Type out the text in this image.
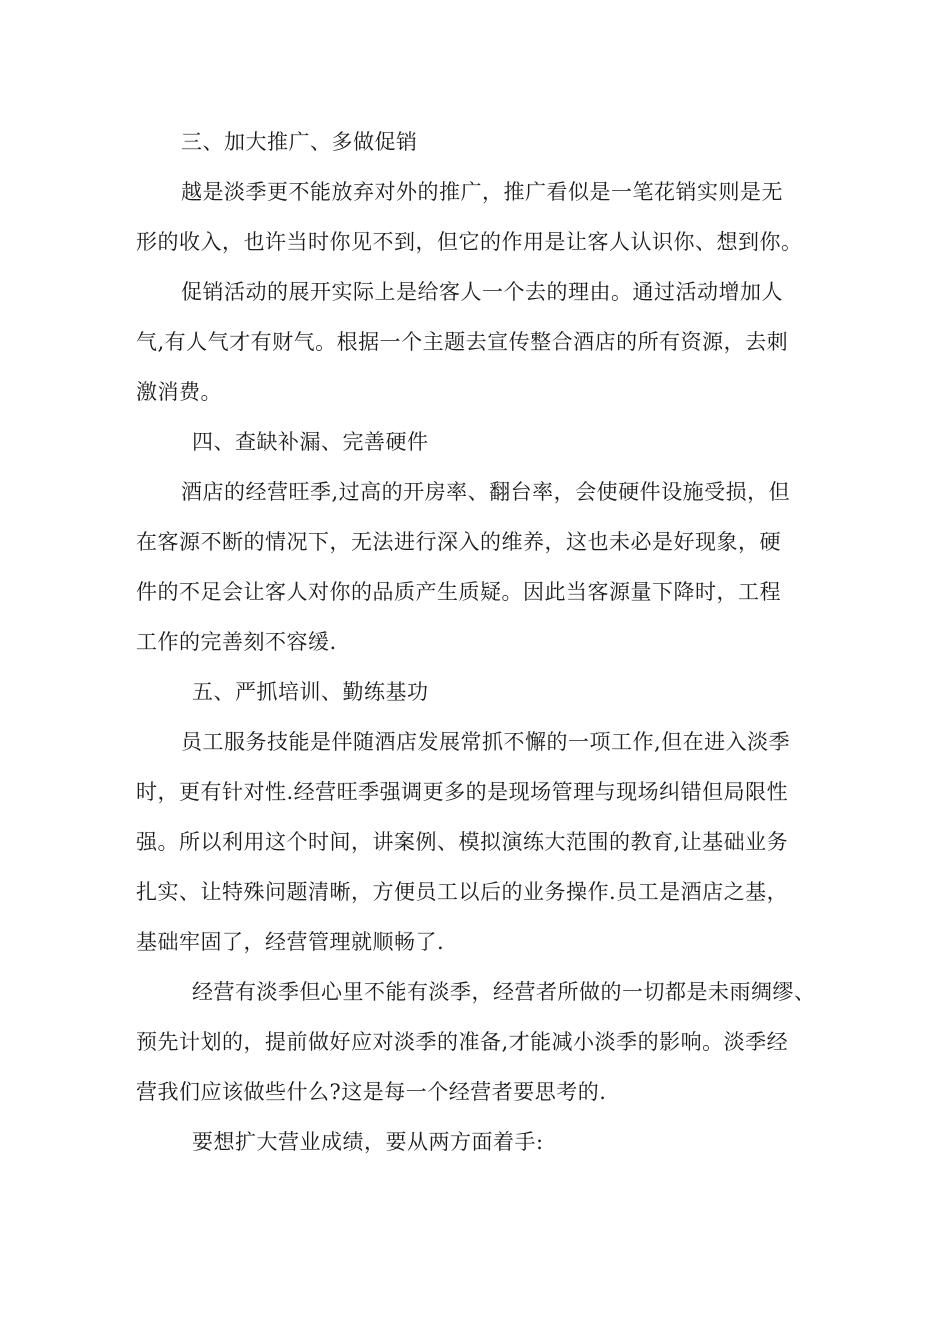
三、加大推广、多做促销
越是淡季更不能放弃对外的推广，推广看似是一笔花销实则是无
形的收入，也许当时你见不到，但它的作用是让客人认识你、想到你。
促销活动的展开实际上是给客人一个去的理由。通过活动增加人
气,有人气才有财气。根据一个主题去宣传整合酒店的所有资源，去刺
激消费。
四、查缺补漏、完善硬件
酒店的经营旺季,过高的开房率、翻台率，会使硬件设施受损，但
在客源不断的情况下，无法进行深入的维养，这也未必是好现象，硬
件的不足会让客人对你的品质产生质疑。因此当客源量下降时，工程
工作的完善刻不容缓.
五、严抓培训、勤练基功
员工服务技能是伴随酒店发展常抓不懈的一项工作,但在进入淡季
时，更有针对性.经营旺季强调更多的是现场管理与现场纠错但局限性
强。所以利用这个时间，讲案例、模拟演练大范围的教育,让基础业务
扎实、让特殊问题清晰，方便员工以后的业务操作.员工是酒店之基，
基础牢固了，经营管理就顺畅了.
经营有淡季但心里不能有淡季，经营者所做的一切都是未雨绸缪、
预先计划的，提前做好应对淡季的准备,才能减小淡季的影响。淡季经
营我们应该做些什么?这是每一个经营者要思考的.
要想扩大营业成绩，要从两方面着手:
